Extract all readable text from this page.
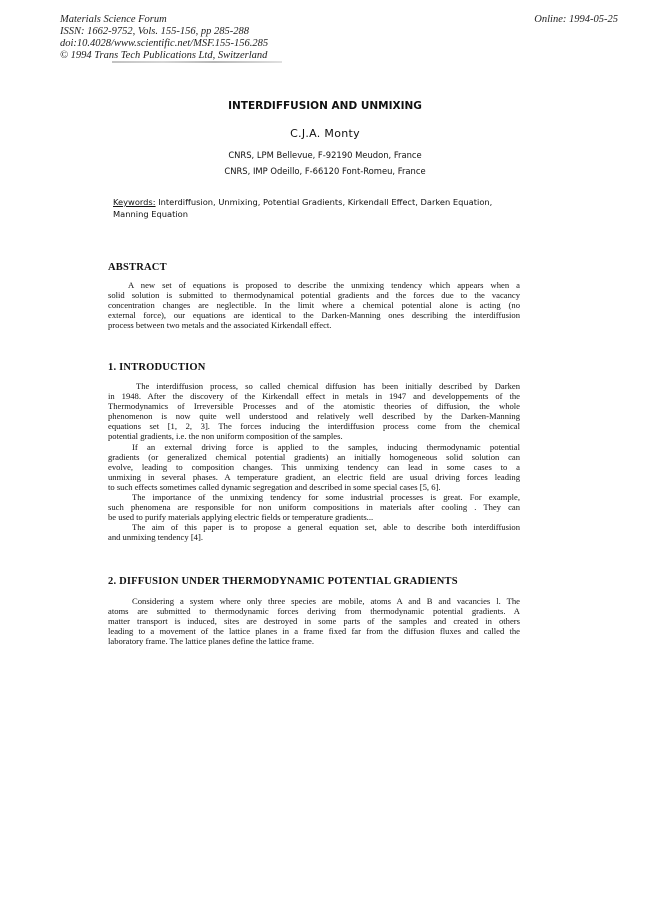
Materials Science Forum
ISSN: 1662-9752, Vols. 155-156, pp 285-288
doi:10.4028/www.scientific.net/MSF.155-156.285
© 1994 Trans Tech Publications Ltd, Switzerland
Online: 1994-05-25
INTERDIFFUSION AND UNMIXING
C.J.A. Monty
CNRS, LPM Bellevue, F-92190 Meudon, France
CNRS, IMP Odeillo, F-66120 Font-Romeu, France
Keywords: Interdiffusion, Unmixing, Potential Gradients, Kirkendall Effect, Darken Equation,
Manning Equation
ABSTRACT
A new set of equations is proposed to describe the unmixing tendency which appears when a
solid solution is submitted to thermodynamical potential gradients and the forces due to the vacancy
concentration changes are neglectible. In the limit where a chemical potential alone is acting (no
external force), our equations are identical to the Darken-Manning ones describing the interdiffusion
process between two metals and the associated Kirkendall effect.
1. INTRODUCTION
The interdiffusion process, so called chemical diffusion has been initially described by Darken
in 1948. After the discovery of the Kirkendall effect in metals in 1947 and developpements of the
Thermodynamics of Irreversible Processes and of the atomistic theories of diffusion, the whole
phenomenon is now quite well understood and relatively well described by the Darken-Manning
equations set [1, 2, 3]. The forces inducing the interdiffusion process come from the chemical
potential gradients, i.e. the non uniform composition of the samples.
If an external driving force is applied to the samples, inducing thermodynamic potential
gradients (or generalized chemical potential gradients) an initially homogeneous solid solution can
evolve, leading to composition changes. This unmixing tendency can lead in some cases to a
unmixing in several phases. A temperature gradient, an electric field are usual driving forces leading
to such effects sometimes called dynamic segregation and described in some special cases [5, 6].
The importance of the unmixing tendency for some industrial processes is great. For example,
such phenomena are responsible for non uniform compositions in materials after cooling . They can
be used to purify materials applying electric fields or temperature gradients...
The aim of this paper is to propose a general equation set, able to describe both interdiffusion
and unmixing tendency [4].
2. DIFFUSION UNDER THERMODYNAMIC POTENTIAL GRADIENTS
Considering a system where only three species are mobile, atoms A and B and vacancies l. The
atoms are submitted to thermodynamic forces deriving from thermodynamic potential gradients. A
matter transport is induced, sites are destroyed in some parts of the samples and created in others
leading to a movement of the lattice planes in a frame fixed far from the diffusion fluxes and called the
laboratory frame. The lattice planes define the lattice frame.
